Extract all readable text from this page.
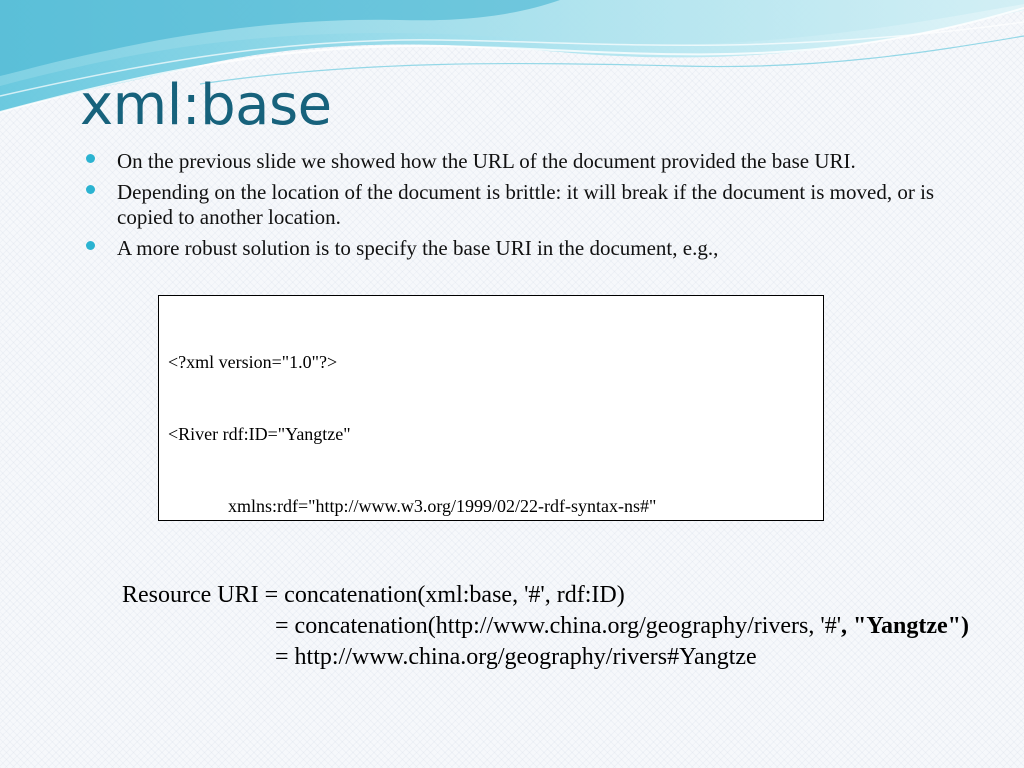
xml:base
On the previous slide we showed how the URL of the document provided the base URI.
Depending on the location of the document is brittle: it will break if the document is moved, or is copied to another location.
A more robust solution is to specify the base URI in the document, e.g.,

<?xml version="1.0"?>

<River rdf:ID="Yangtze"

xmlns:rdf="http://www.w3.org/1999/02/22-rdf-syntax-ns#"

Resource URI = concatenation(xml:base, '#', rdf:ID)
= concatenation(http://www.china.org/geography/rivers, '#', "Yangtze")
= http://www.china.org/geography/rivers#Yangtze
